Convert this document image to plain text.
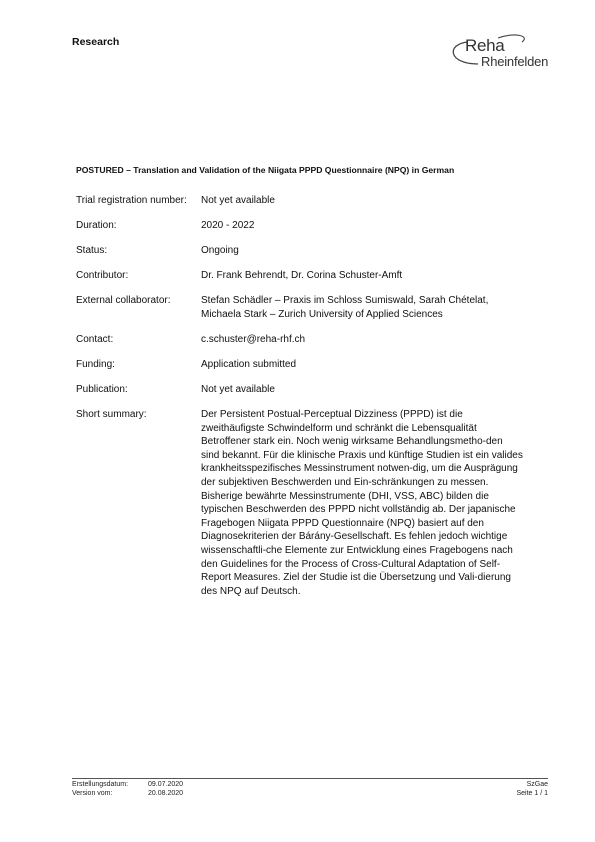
Research	Reha
Rheinfelden
POSTURED – Translation and Validation of the Niigata PPPD Questionnaire (NPQ) in German
Trial registration number:	Not yet available
Duration:	2020 - 2022
Status:	Ongoing
Contributor:	Dr. Frank Behrendt, Dr. Corina Schuster-Amft
External collaborator:	Stefan Schädler – Praxis im Schloss Sumiswald, Sarah Chételat, Michaela Stark – Zurich University of Applied Sciences
Contact:	c.schuster@reha-rhf.ch
Funding:	Application submitted
Publication:	Not yet available
Short summary:	Der Persistent Postual-Perceptual Dizziness (PPPD) ist die zweithäufigste Schwindelform und schränkt die Lebensqualität Betroffener stark ein. Noch wenig wirksame Behandlungsmetho-den sind bekannt. Für die klinische Praxis und künftige Studien ist ein valides krankheitsspezifisches Messinstrument notwen-dig, um die Ausprägung der subjektiven Beschwerden und Ein-schränkungen zu messen. Bisherige bewährte Messinstrumente (DHI, VSS, ABC) bilden die typischen Beschwerden des PPPD nicht vollständig ab. Der japanische Fragebogen Niigata PPPD Questionnaire (NPQ) basiert auf den Diagnosekriterien der Bárány-Gesellschaft. Es fehlen jedoch wichtige wissenschaftli-che Elemente zur Entwicklung eines Fragebogens nach den Guidelines for the Process of Cross-Cultural Adaptation of Self-Report Measures. Ziel der Studie ist die Übersetzung und Vali-dierung des NPQ auf Deutsch.
Erstellungsdatum:	09.07.2020
Version vom:	20.08.2020
SzGae
Seite 1 / 1
